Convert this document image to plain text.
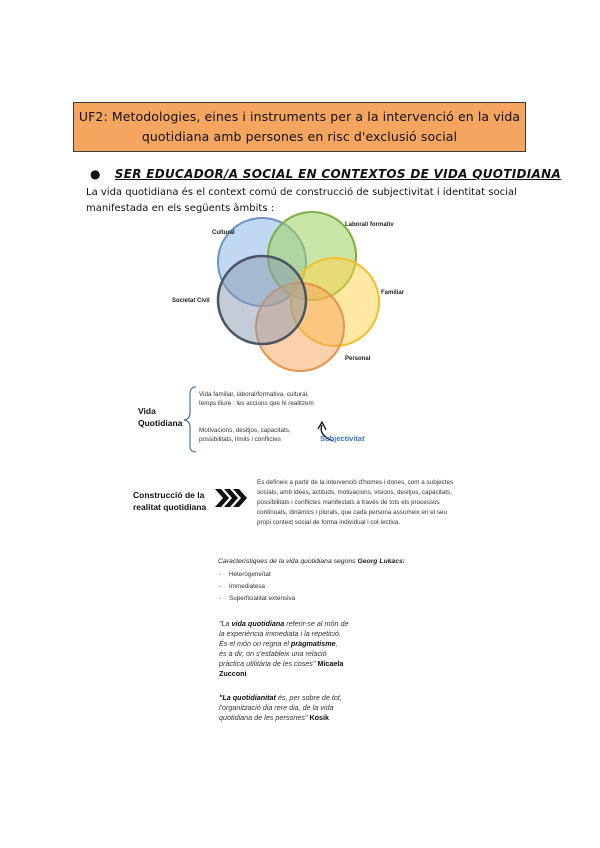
UF2: Metodologies, eines i instruments per a la intervenció en la vida
quotidiana amb persones en risc d'exclusió social
● SER EDUCADOR/A SOCIAL EN CONTEXTOS DE VIDA QUOTIDIANA
La vida quotidiana és el context comú de construcció de subjectivitat i identitat social manifestada en els següents àmbits :
Cultural
Laboral/ formativ
Familiar
Societat Civil
Personal
Vida
Quotidiana
Vida familiar, laboral/formativa, cultural,
temps lliure : les accions que hi realitzem
Motivacions, desitjos, capacitats,
possibilitats, límits i conflictes	Subjectivitat
Construcció de la
realitat quotidiana
Es defineix a partir de la intervenció d'homes i dones, com a subjectes
socials, amb idees, actituds, motivacions, visions, desitjos, capacitats,
possibilitats i conflictes manifestats a través de tots els processos
continuats, dinàmics i plurals, que cada persona assumeix en el seu
propi context social de forma individual i col·lectiva.
Característiques de la vida quotidiana segons Georg Lukács:
- Heterogeneïtat
- Immediatesa
- Superficialitat extensiva
"La vida quotidiana referir-se al món de
la experiència immediata i la repetició.
És el món on regna el pragmatisme,
és a dir, on s'estableix una relació
pràctica utilitària de les coses" Micaela
Zucconi
"La quotidianitat és, per sobre de tot,
l'organització dia rere dia, de la vida
quotidiana de les persones" Kosik
